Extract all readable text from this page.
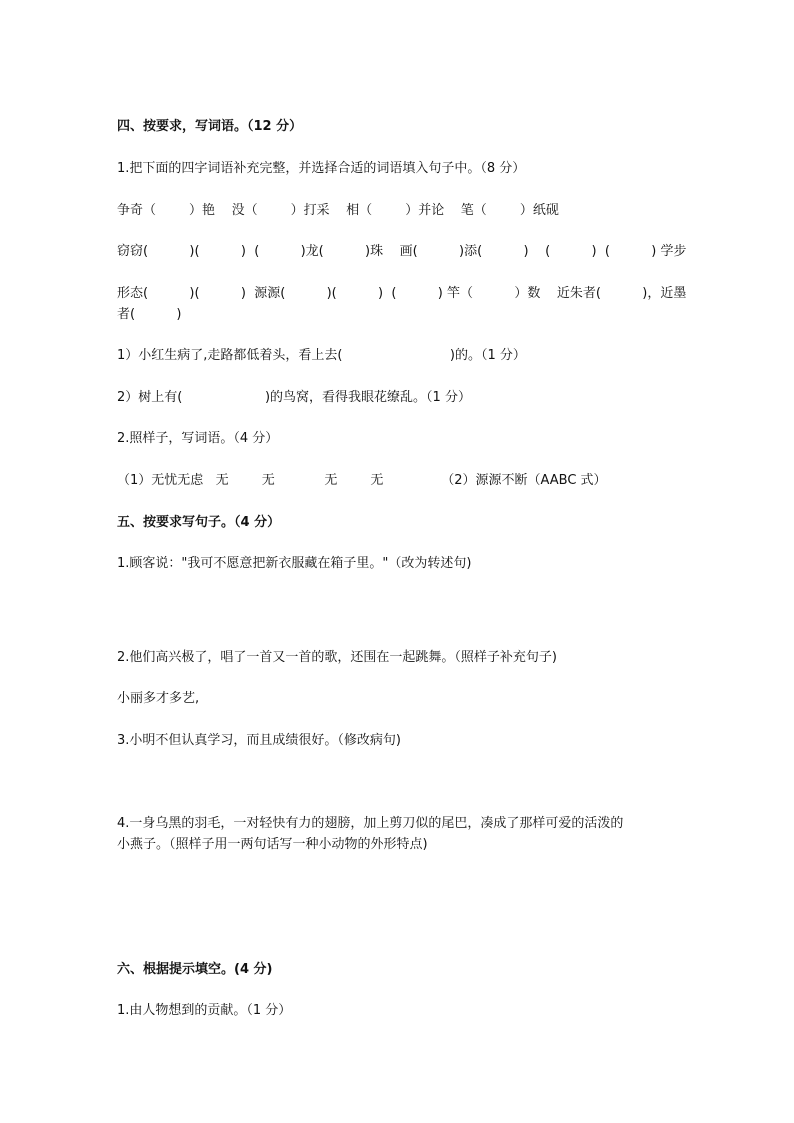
四、按要求，写词语。（12 分）
1.把下面的四字词语补充完整，并选择合适的词语填入句子中。（8 分）
争奇（        ）艳    没（        ）打采    相（        ）并论    笔（        ）纸砚
窃窃(          )(          )  (          )龙(          )珠    画(          )添(          )    (          )  (          ) 学步
形态(          )(          )  源源(          )(          )  (          ) 竿（          ）数    近朱者(          )，近墨
者(          )
1）小红生病了,走路都低着头，看上去(                          )的。（1 分）
2）树上有(                    )的鸟窝，看得我眼花缭乱。（1 分）
2.照样子，写词语。（4 分）
（1）无忧无虑   无        无            无        无              （2）源源不断（AABC 式）
五、按要求写句子。（4 分）
1.顾客说："我可不愿意把新衣服藏在箱子里。"（改为转述句)
2.他们高兴极了，唱了一首又一首的歌，还围在一起跳舞。（照样子补充句子)
小丽多才多艺,
3.小明不但认真学习，而且成绩很好。（修改病句)
4.一身乌黑的羽毛，一对轻快有力的翅膀，加上剪刀似的尾巴，凑成了那样可爱的活泼的
小燕子。（照样子用一两句话写一种小动物的外形特点)
六、根据提示填空。(4 分)
1.由人物想到的贡献。（1 分）
